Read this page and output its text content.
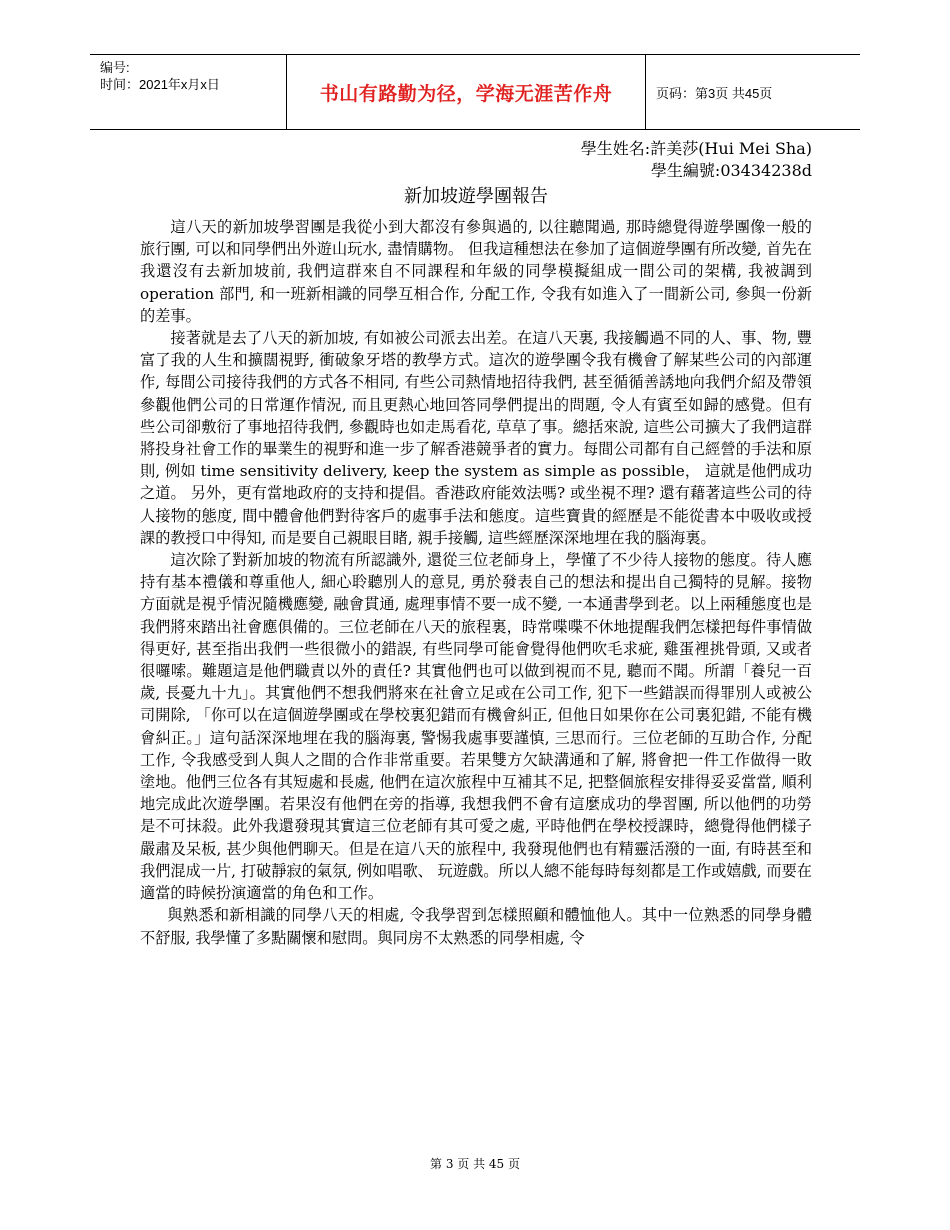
编号:
时间：2021年x月x日	书山有路勤为径，学海无涯苦作舟	页码：第3页 共45页
學生姓名:許美莎(Hui Mei Sha)
學生編號:03434238d
新加坡遊學團報告

這八天的新加坡學習團是我從小到大都沒有參與過的, 以往聽聞過, 那時總覺得遊學團像一般的旅行團, 可以和同學們出外遊山玩水, 盡情購物。 但我這種想法在參加了這個遊學團有所改變, 首先在我還沒有去新加坡前, 我們這群來自不同課程和年級的同學模擬組成一間公司的架構, 我被調到 operation 部門, 和一班新相識的同學互相合作, 分配工作, 令我有如進入了一間新公司, 參與一份新的差事。

接著就是去了八天的新加坡, 有如被公司派去出差。在這八天裏, 我接觸過不同的人、事、物, 豐富了我的人生和擴闊視野, 衝破象牙塔的教學方式。這次的遊學團令我有機會了解某些公司的內部運作, 每間公司接待我們的方式各不相同, 有些公司熱情地招待我們, 甚至循循善誘地向我們介紹及帶領參觀他們公司的日常運作情況, 而且更熱心地回答同學們提出的問題, 令人有賓至如歸的感覺。但有些公司卻敷衍了事地招待我們, 參觀時也如走馬看花, 草草了事。總括來說, 這些公司擴大了我們這群將投身社會工作的畢業生的視野和進一步了解香港競爭者的實力。每間公司都有自己經營的手法和原則, 例如 time sensitivity delivery, keep the system as simple as possible， 這就是他們成功之道。 另外，更有當地政府的支持和提倡。香港政府能效法嗎? 或坐視不理? 還有藉著這些公司的待人接物的態度, 間中體會他們對待客戶的處事手法和態度。這些寶貴的經歷是不能從書本中吸收或授課的教授口中得知, 而是要自己親眼目睹, 親手接觸, 這些經歷深深地埋在我的腦海裏。

這次除了對新加坡的物流有所認識外, 還從三位老師身上，學懂了不少待人接物的態度。待人應持有基本禮儀和尊重他人, 細心聆聽別人的意見, 勇於發表自己的想法和提出自己獨特的見解。接物方面就是視乎情況隨機應變, 融會貫通, 處理事情不要一成不變, 一本通書學到老。以上兩種態度也是我們將來踏出社會應俱備的。三位老師在八天的旅程裏，時常喋喋不休地提醒我們怎樣把每件事情做得更好, 甚至指出我們一些很微小的錯誤, 有些同學可能會覺得他們吹毛求疵, 雞蛋裡挑骨頭, 又或者很囉嗦。難題這是他們職責以外的責任? 其實他們也可以做到視而不見, 聽而不聞。所謂「養兒一百歲, 長憂九十九」。其實他們不想我們將來在社會立足或在公司工作, 犯下一些錯誤而得罪別人或被公司開除, 「你可以在這個遊學團或在學校裏犯錯而有機會糾正, 但他日如果你在公司裏犯錯, 不能有機會糾正。」這句話深深地埋在我的腦海裏, 警惕我處事要謹慎, 三思而行。三位老師的互助合作, 分配工作, 令我感受到人與人之間的合作非常重要。若果雙方欠缺溝通和了解, 將會把一件工作做得一敗塗地。他們三位各有其短處和長處, 他們在這次旅程中互補其不足, 把整個旅程安排得妥妥當當, 順利地完成此次遊學團。若果沒有他們在旁的指導, 我想我們不會有這麼成功的學習團, 所以他們的功勞是不可抹殺。此外我還發現其實這三位老師有其可愛之處, 平時他們在學校授課時，總覺得他們樣子嚴肅及呆板, 甚少與他們聊天。但是在這八天的旅程中, 我發現他們也有精靈活潑的一面, 有時甚至和我們混成一片, 打破靜寂的氣氛, 例如唱歌、 玩遊戲。所以人總不能每時每刻都是工作或嬉戲, 而要在適當的時候扮演適當的角色和工作。

與熟悉和新相識的同學八天的相處, 令我學習到怎樣照顧和體恤他人。其中一位熟悉的同學身體不舒服, 我學懂了多點關懷和慰問。與同房不太熟悉的同學相處, 令

第 3 页 共 45 页
